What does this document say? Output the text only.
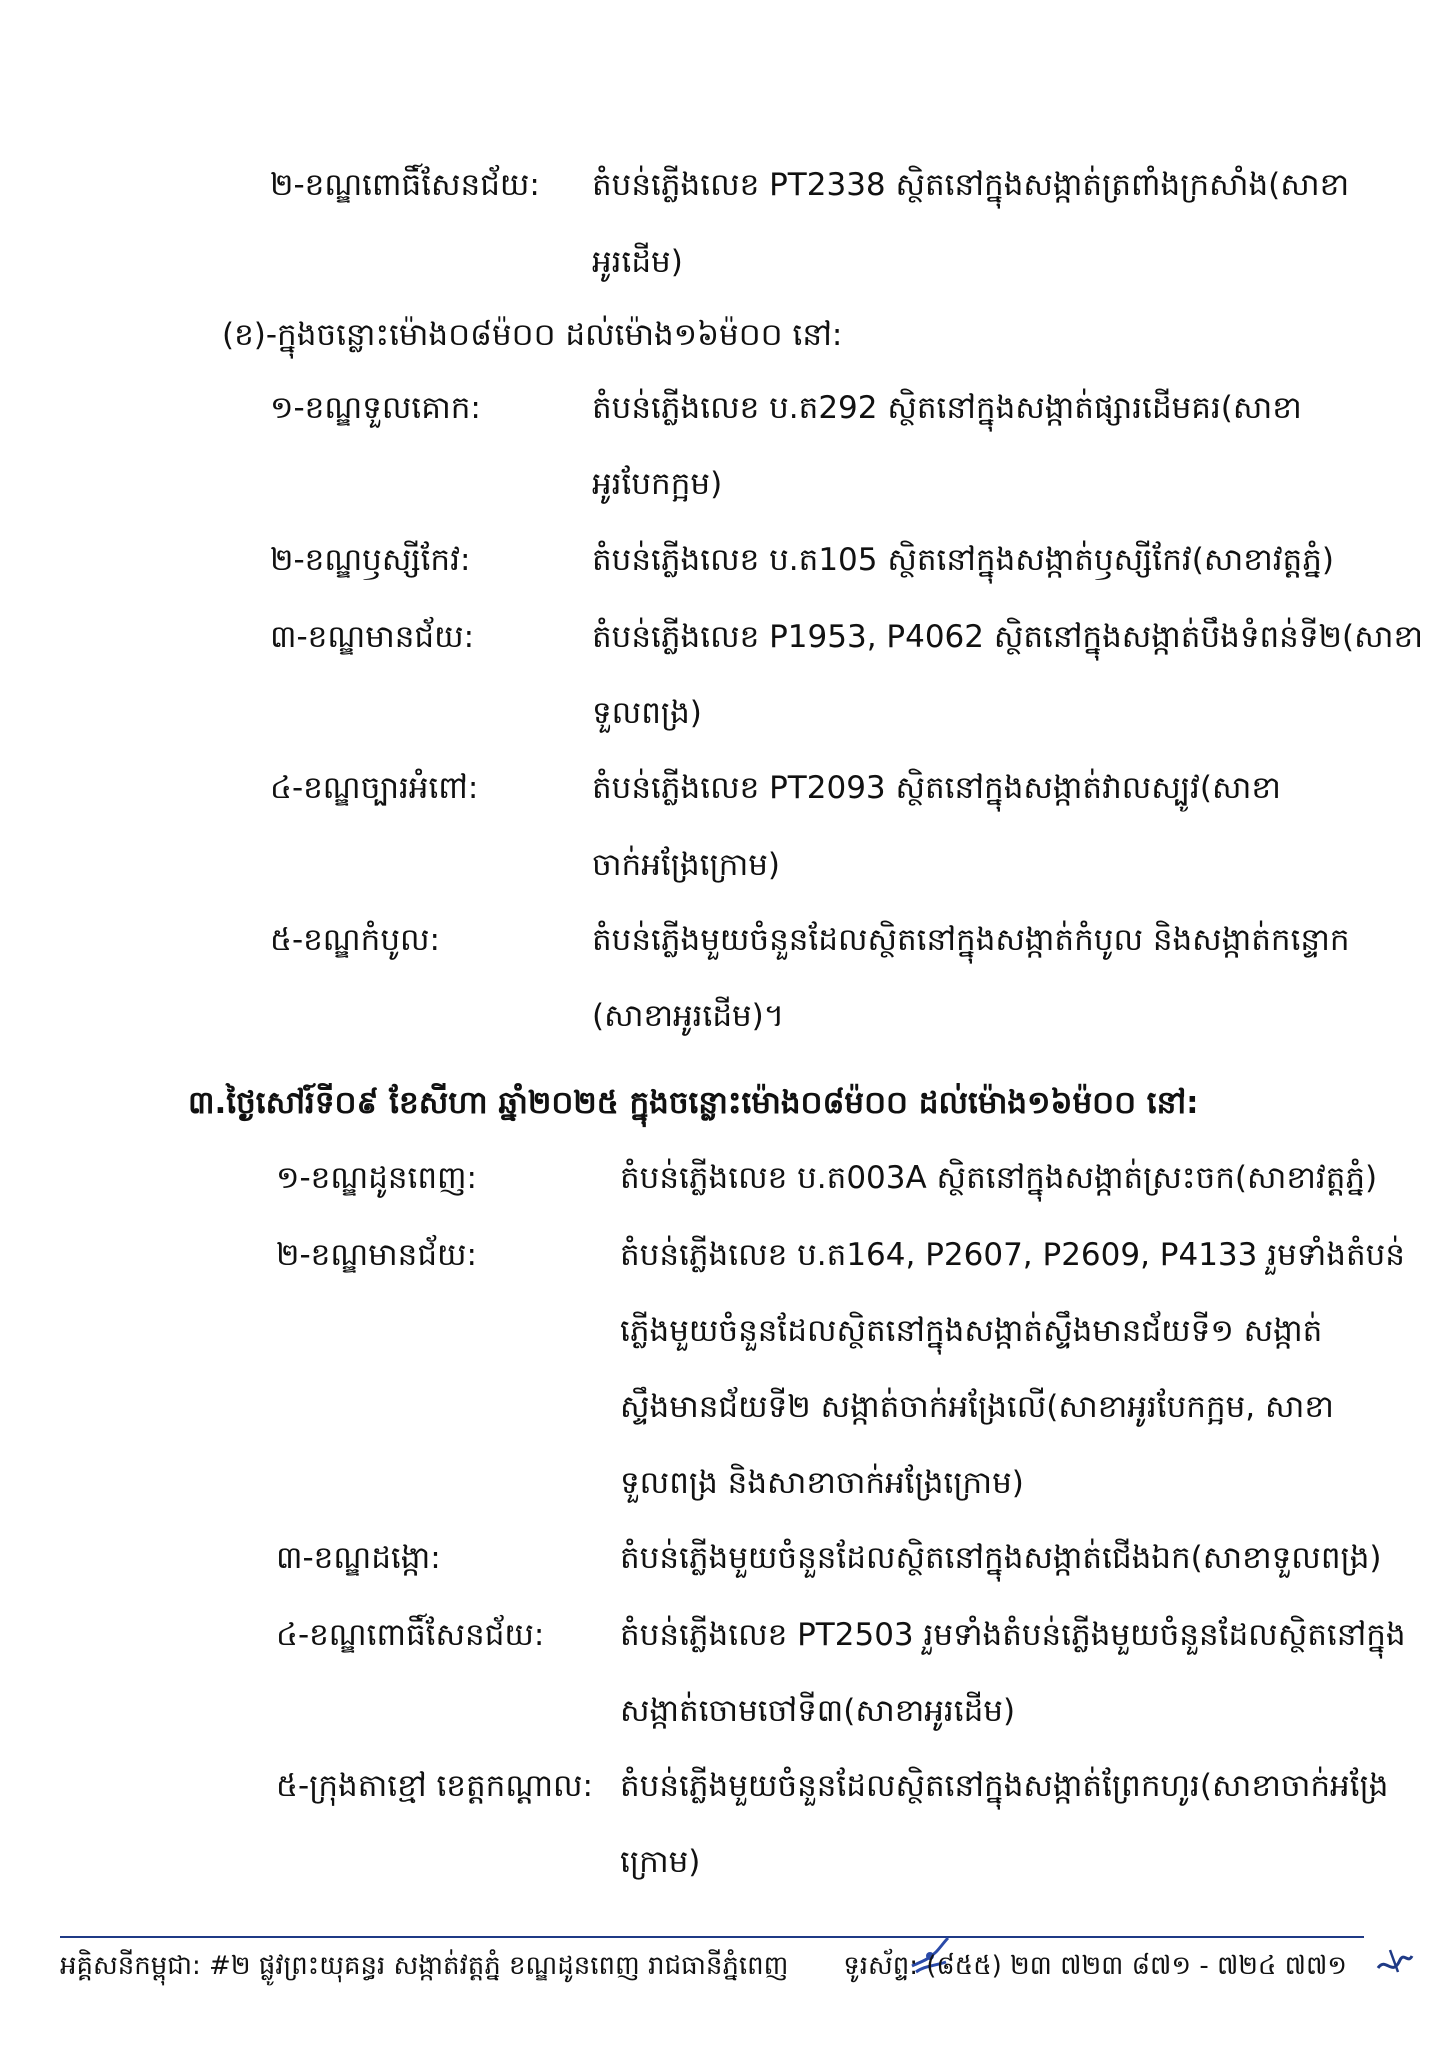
២-ខណ្ឌពោធិ៍សែនជ័យ: តំបន់ភ្លើងលេខ PT2338 ស្ថិតនៅក្នុងសង្កាត់ត្រពាំងក្រសាំង(សាខា
អូរដើម)
(ខ)-ក្នុងចន្លោះម៉ោង០៨ម៉០០ ដល់ម៉ោង១៦ម៉០០ នៅ:
១-ខណ្ឌទួលគោក:	តំបន់ភ្លើងលេខ ប.ត292 ស្ថិតនៅក្នុងសង្កាត់ផ្សារដើមគរ(សាខា
អូរបែកក្អម)
២-ខណ្ឌឫស្សីកែវ:	តំបន់ភ្លើងលេខ ប.ត105 ស្ថិតនៅក្នុងសង្កាត់ឫស្សីកែវ(សាខាវត្តភ្នំ)
៣-ខណ្ឌមានជ័យ:	តំបន់ភ្លើងលេខ P1953, P4062 ស្ថិតនៅក្នុងសង្កាត់បឹងទំពន់ទី២(សាខា
ទួលពង្រ)
៤-ខណ្ឌច្បារអំពៅ:	តំបន់ភ្លើងលេខ PT2093 ស្ថិតនៅក្នុងសង្កាត់វាលស្បូវ(សាខា
ចាក់អង្រែក្រោម)
៥-ខណ្ឌកំបូល:	តំបន់ភ្លើងមួយចំនួនដែលស្ថិតនៅក្នុងសង្កាត់កំបូល និងសង្កាត់កន្ទោក
(សាខាអូរដើម)។
៣.ថ្ងៃសៅរ៍ទី០៩ ខែសីហា ឆ្នាំ២០២៥ ក្នុងចន្លោះម៉ោង០៨ម៉០០ ដល់ម៉ោង១៦ម៉០០ នៅ:
១-ខណ្ឌដូនពេញ:	តំបន់ភ្លើងលេខ ប.ត003A ស្ថិតនៅក្នុងសង្កាត់ស្រះចក(សាខាវត្តភ្នំ)
២-ខណ្ឌមានជ័យ:	តំបន់ភ្លើងលេខ ប.ត164, P2607, P2609, P4133 រួមទាំងតំបន់
ភ្លើងមួយចំនួនដែលស្ថិតនៅក្នុងសង្កាត់ស្ទឹងមានជ័យទី១ សង្កាត់
ស្ទឹងមានជ័យទី២ សង្កាត់ចាក់អង្រែលើ(សាខាអូរបែកក្អម, សាខា
ទួលពង្រ និងសាខាចាក់អង្រែក្រោម)
៣-ខណ្ឌដង្កោ:	តំបន់ភ្លើងមួយចំនួនដែលស្ថិតនៅក្នុងសង្កាត់ជើងឯក(សាខាទួលពង្រ)
៤-ខណ្ឌពោធិ៍សែនជ័យ: តំបន់ភ្លើងលេខ PT2503 រួមទាំងតំបន់ភ្លើងមួយចំនួនដែលស្ថិតនៅក្នុង
សង្កាត់ចោមចៅទី៣(សាខាអូរដើម)
៥-ក្រុងតាខ្មៅ ខេត្តកណ្តាល: តំបន់ភ្លើងមួយចំនួនដែលស្ថិតនៅក្នុងសង្កាត់ព្រែកហូរ(សាខាចាក់អង្រែ
ក្រោម)
អគ្គិសនីកម្ពុជា: #២ ផ្លូវព្រះយុគន្ធរ សង្កាត់វត្តភ្នំ ខណ្ឌដូនពេញ រាជធានីភ្នំពេញ ទូរស័ព្ទ: (៨៥៥) ២៣ ៧២៣ ៨៧១ - ៧២៤ ៧៧១
